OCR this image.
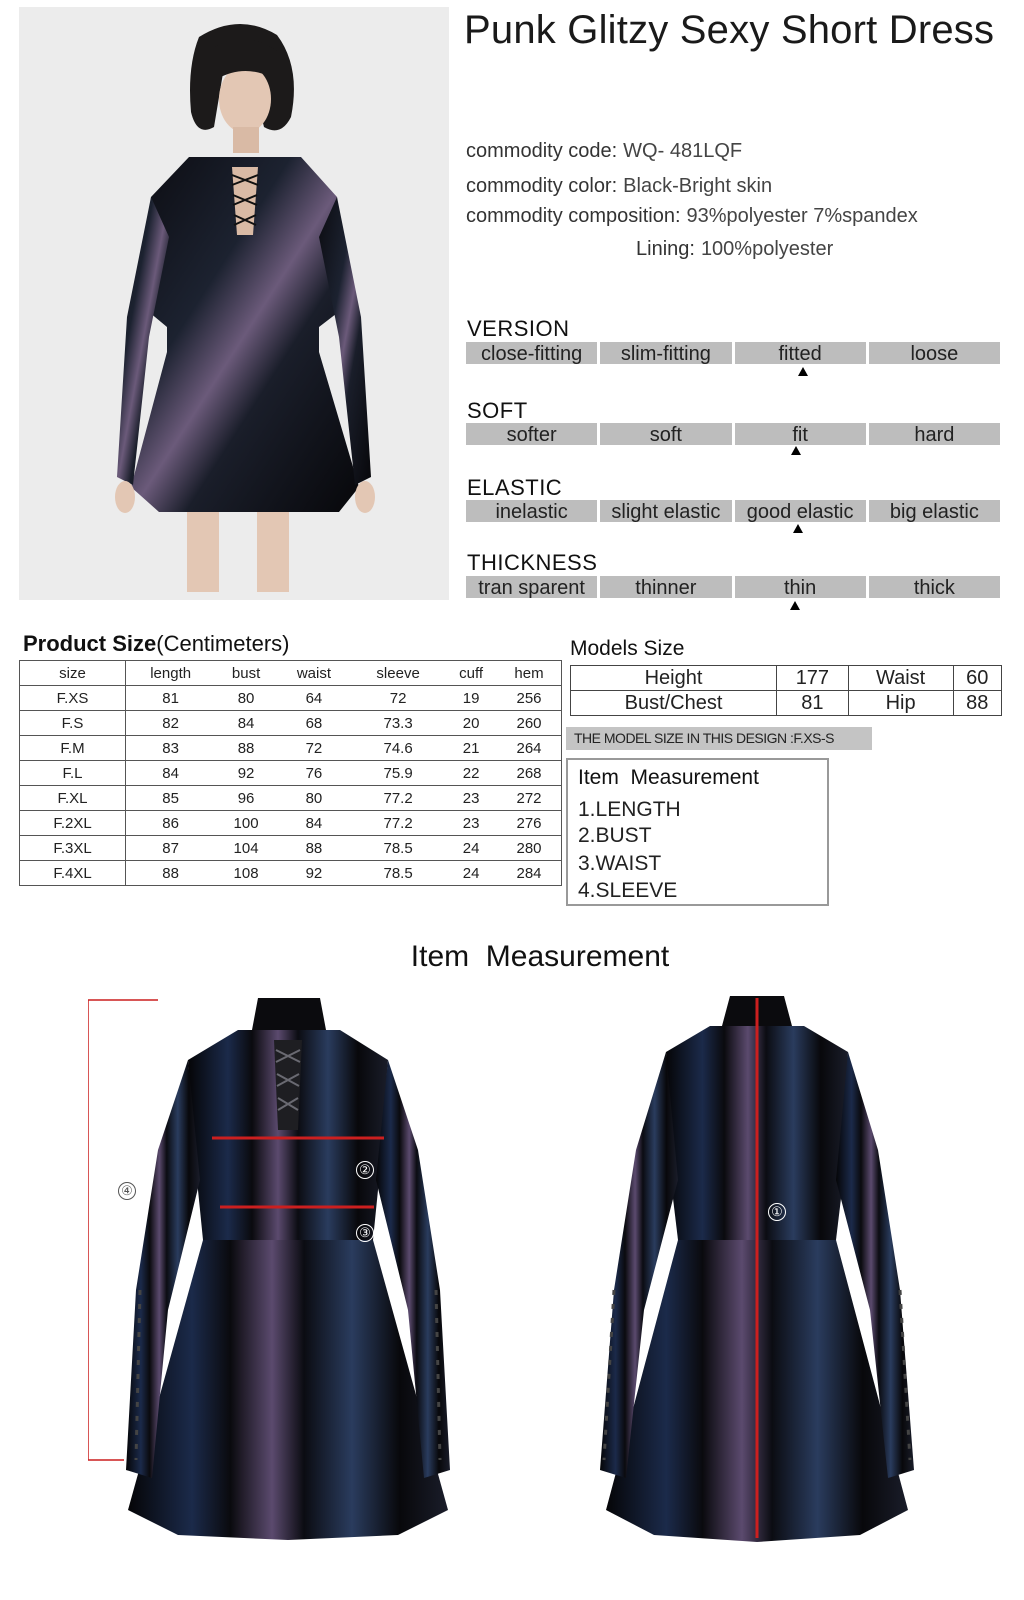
Punk Glitzy Sexy Short Dress
commodity code: WQ- 481LQF
commodity color: Black-Bright skin
commodity composition: 93%polyester 7%spandex
Lining: 100%polyester
VERSION
close-fitting	slim-fitting	fitted	loose
SOFT
softer	soft	fit	hard
ELASTIC
inelastic	slight elastic	good elastic	big elastic
THICKNESS
tran sparent	thinner	thin	thick
Product Size(Centimeters)
size	length	bust	waist	sleeve	cuff	hem
F.XS	81	80	64	72	19	256
F.S	82	84	68	73.3	20	260
F.M	83	88	72	74.6	21	264
F.L	84	92	76	75.9	22	268
F.XL	85	96	80	77.2	23	272
F.2XL	86	100	84	77.2	23	276
F.3XL	87	104	88	78.5	24	280
F.4XL	88	108	92	78.5	24	284
Models Size
Height	177	Waist	60
Bust/Chest	81	Hip	88
THE MODEL SIZE IN THIS DESIGN :F.XS-S
Item  Measurement
1.LENGTH
2.BUST
3.WAIST
4.SLEEVE
Item  Measurement
②
③
④
①
